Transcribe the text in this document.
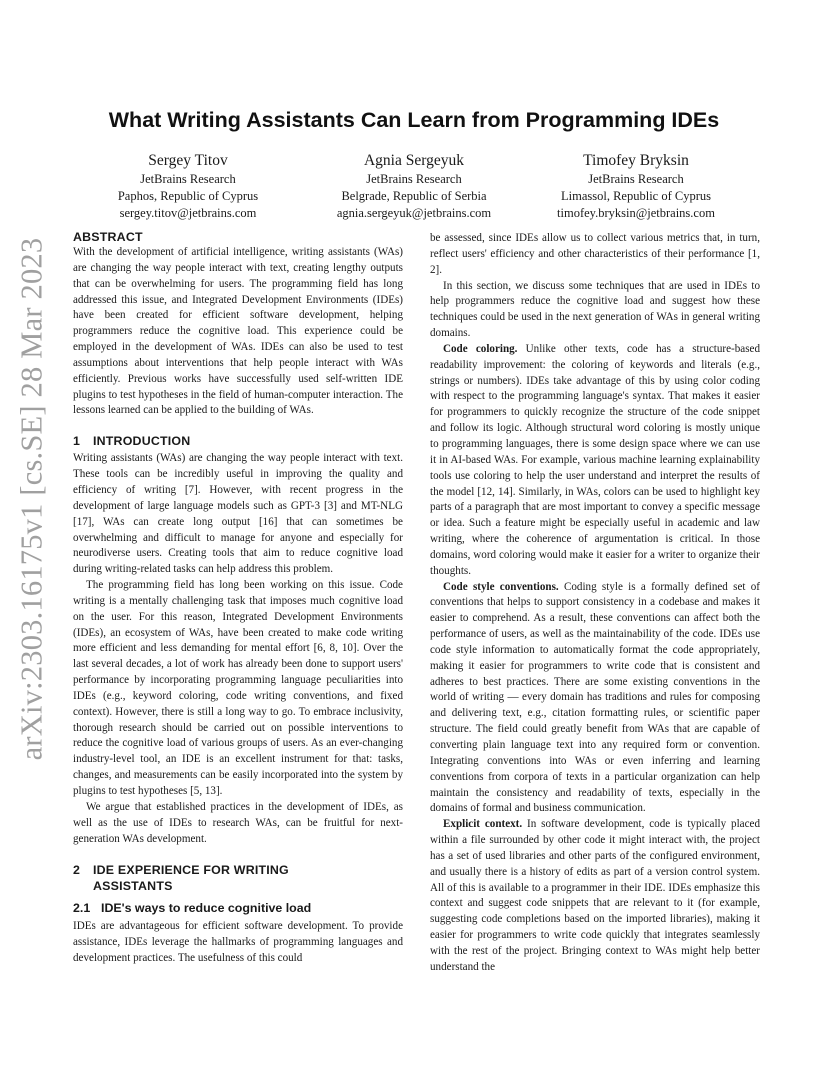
arXiv:2303.16175v1 [cs.SE] 28 Mar 2023
What Writing Assistants Can Learn from Programming IDEs
Sergey Titov
JetBrains Research
Paphos, Republic of Cyprus
sergey.titov@jetbrains.com
Agnia Sergeyuk
JetBrains Research
Belgrade, Republic of Serbia
agnia.sergeyuk@jetbrains.com
Timofey Bryksin
JetBrains Research
Limassol, Republic of Cyprus
timofey.bryksin@jetbrains.com
ABSTRACT

With the development of artificial intelligence, writing assistants (WAs) are changing the way people interact with text, creating lengthy outputs that can be overwhelming for users. The programming field has long addressed this issue, and Integrated Development Environments (IDEs) have been created for efficient software development, helping programmers reduce the cognitive load. This experience could be employed in the development of WAs. IDEs can also be used to test assumptions about interventions that help people interact with WAs efficiently. Previous works have successfully used self-written IDE plugins to test hypotheses in the field of human-computer interaction. The lessons learned can be applied to the building of WAs.

1 INTRODUCTION

Writing assistants (WAs) are changing the way people interact with text. These tools can be incredibly useful in improving the quality and efficiency of writing [7]. However, with recent progress in the development of large language models such as GPT-3 [3] and MT-NLG [17], WAs can create long output [16] that can sometimes be overwhelming and difficult to manage for anyone and especially for neurodiverse users. Creating tools that aim to reduce cognitive load during writing-related tasks can help address this problem.

The programming field has long been working on this issue. Code writing is a mentally challenging task that imposes much cognitive load on the user. For this reason, Integrated Development Environments (IDEs), an ecosystem of WAs, have been created to make code writing more efficient and less demanding for mental effort [6, 8, 10]. Over the last several decades, a lot of work has already been done to support users' performance by incorporating programming language peculiarities into IDEs (e.g., keyword coloring, code writing conventions, and fixed context). However, there is still a long way to go. To embrace inclusivity, thorough research should be carried out on possible interventions to reduce the cognitive load of various groups of users. As an ever-changing industry-level tool, an IDE is an excellent instrument for that: tasks, changes, and measurements can be easily incorporated into the system by plugins to test hypotheses [5, 13].

We argue that established practices in the development of IDEs, as well as the use of IDEs to research WAs, can be fruitful for next-generation WAs development.

2 IDE EXPERIENCE FOR WRITING
ASSISTANTS
2.1 IDE's ways to reduce cognitive load

IDEs are advantageous for efficient software development. To provide assistance, IDEs leverage the hallmarks of programming languages and development practices. The usefulness of this could

be assessed, since IDEs allow us to collect various metrics that, in turn, reflect users' efficiency and other characteristics of their performance [1, 2].

In this section, we discuss some techniques that are used in IDEs to help programmers reduce the cognitive load and suggest how these techniques could be used in the next generation of WAs in general writing domains.

Code coloring. Unlike other texts, code has a structure-based readability improvement: the coloring of keywords and literals (e.g., strings or numbers). IDEs take advantage of this by using color coding with respect to the programming language's syntax. That makes it easier for programmers to quickly recognize the structure of the code snippet and follow its logic. Although structural word coloring is mostly unique to programming languages, there is some design space where we can use it in AI-based WAs. For example, various machine learning explainability tools use coloring to help the user understand and interpret the results of the model [12, 14]. Similarly, in WAs, colors can be used to highlight key parts of a paragraph that are most important to convey a specific message or idea. Such a feature might be especially useful in academic and law writing, where the coherence of argumentation is critical. In those domains, word coloring would make it easier for a writer to organize their thoughts.

Code style conventions. Coding style is a formally defined set of conventions that helps to support consistency in a codebase and makes it easier to comprehend. As a result, these conventions can affect both the performance of users, as well as the maintainability of the code. IDEs use code style information to automatically format the code appropriately, making it easier for programmers to write code that is consistent and adheres to best practices. There are some existing conventions in the world of writing — every domain has traditions and rules for composing and delivering text, e.g., citation formatting rules, or scientific paper structure. The field could greatly benefit from WAs that are capable of converting plain language text into any required form or convention. Integrating conventions into WAs or even inferring and learning conventions from corpora of texts in a particular organization can help maintain the consistency and readability of texts, especially in the domains of formal and business communication.

Explicit context. In software development, code is typically placed within a file surrounded by other code it might interact with, the project has a set of used libraries and other parts of the configured environment, and usually there is a history of edits as part of a version control system. All of this is available to a programmer in their IDE. IDEs emphasize this context and suggest code snippets that are relevant to it (for example, suggesting code completions based on the imported libraries), making it easier for programmers to write code quickly that integrates seamlessly with the rest of the project. Bringing context to WAs might help better understand the
